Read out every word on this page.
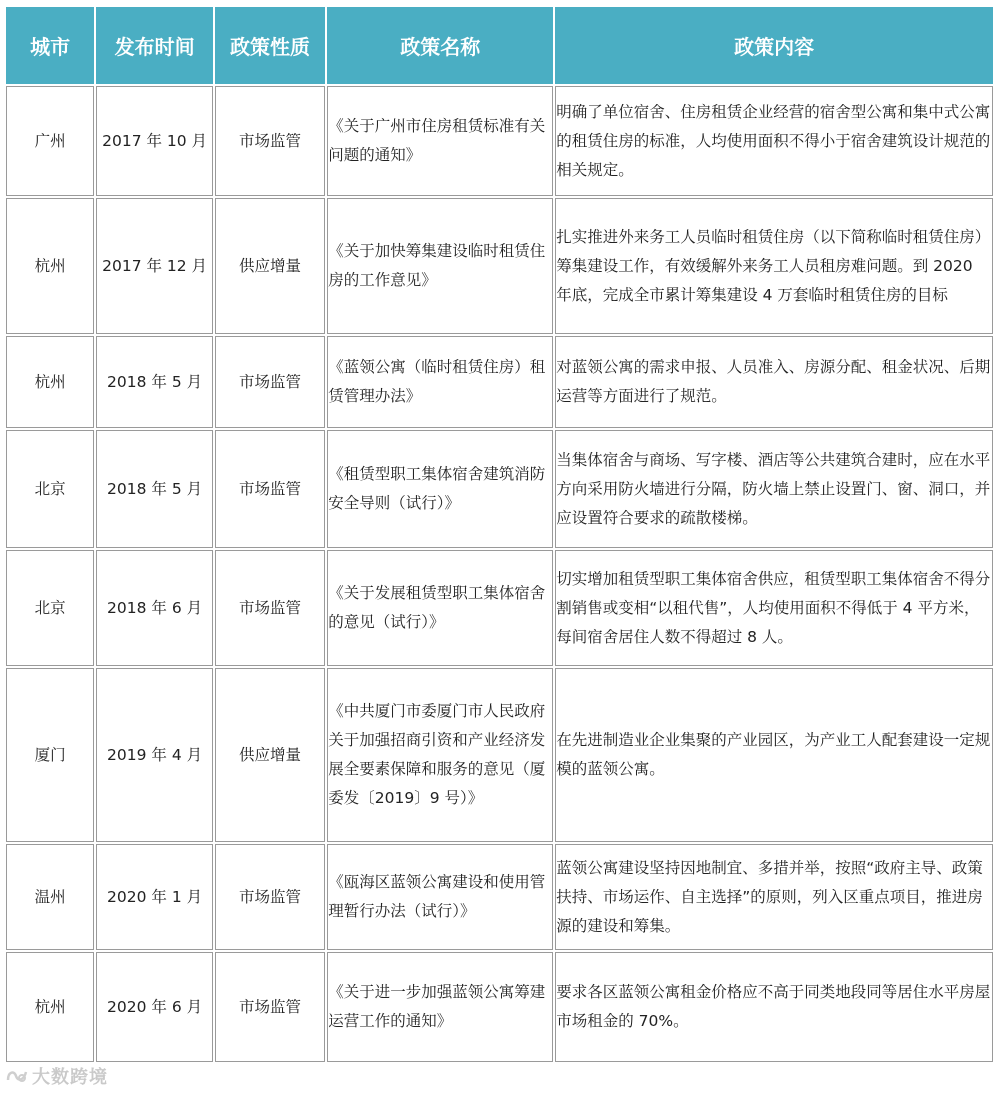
城市	发布时间	政策性质	政策名称	政策内容
广州	2017 年 10 月	市场监管	《关于广州市住房租赁标准有关问题的通知》	明确了单位宿舍、住房租赁企业经营的宿舍型公寓和集中式公寓的租赁住房的标准，人均使用面积不得小于宿舍建筑设计规范的相关规定。
杭州	2017 年 12 月	供应增量	《关于加快筹集建设临时租赁住房的工作意见》	扎实推进外来务工人员临时租赁住房（以下简称临时租赁住房）筹集建设工作，有效缓解外来务工人员租房难问题。到 2020 年底，完成全市累计筹集建设 4 万套临时租赁住房的目标
杭州	2018 年 5 月	市场监管	《蓝领公寓（临时租赁住房）租赁管理办法》	对蓝领公寓的需求申报、人员准入、房源分配、租金状况、后期运营等方面进行了规范。
北京	2018 年 5 月	市场监管	《租赁型职工集体宿舍建筑消防安全导则（试行）》	当集体宿舍与商场、写字楼、酒店等公共建筑合建时，应在水平方向采用防火墙进行分隔，防火墙上禁止设置门、窗、洞口，并应设置符合要求的疏散楼梯。
北京	2018 年 6 月	市场监管	《关于发展租赁型职工集体宿舍的意见（试行）》	切实增加租赁型职工集体宿舍供应，租赁型职工集体宿舍不得分割销售或变相“以租代售”，人均使用面积不得低于 4 平方米，每间宿舍居住人数不得超过 8 人。
厦门	2019 年 4 月	供应增量	《中共厦门市委厦门市人民政府关于加强招商引资和产业经济发展全要素保障和服务的意见（厦委发〔2019〕9 号）》	在先进制造业企业集聚的产业园区，为产业工人配套建设一定规模的蓝领公寓。
温州	2020 年 1 月	市场监管	《瓯海区蓝领公寓建设和使用管理暂行办法（试行）》	蓝领公寓建设坚持因地制宜、多措并举，按照“政府主导、政策扶持、市场运作、自主选择”的原则，列入区重点项目，推进房源的建设和筹集。
杭州	2020 年 6 月	市场监管	《关于进一步加强蓝领公寓筹建运营工作的通知》	要求各区蓝领公寓租金价格应不高于同类地段同等居住水平房屋市场租金的 70%。
大数跨境
